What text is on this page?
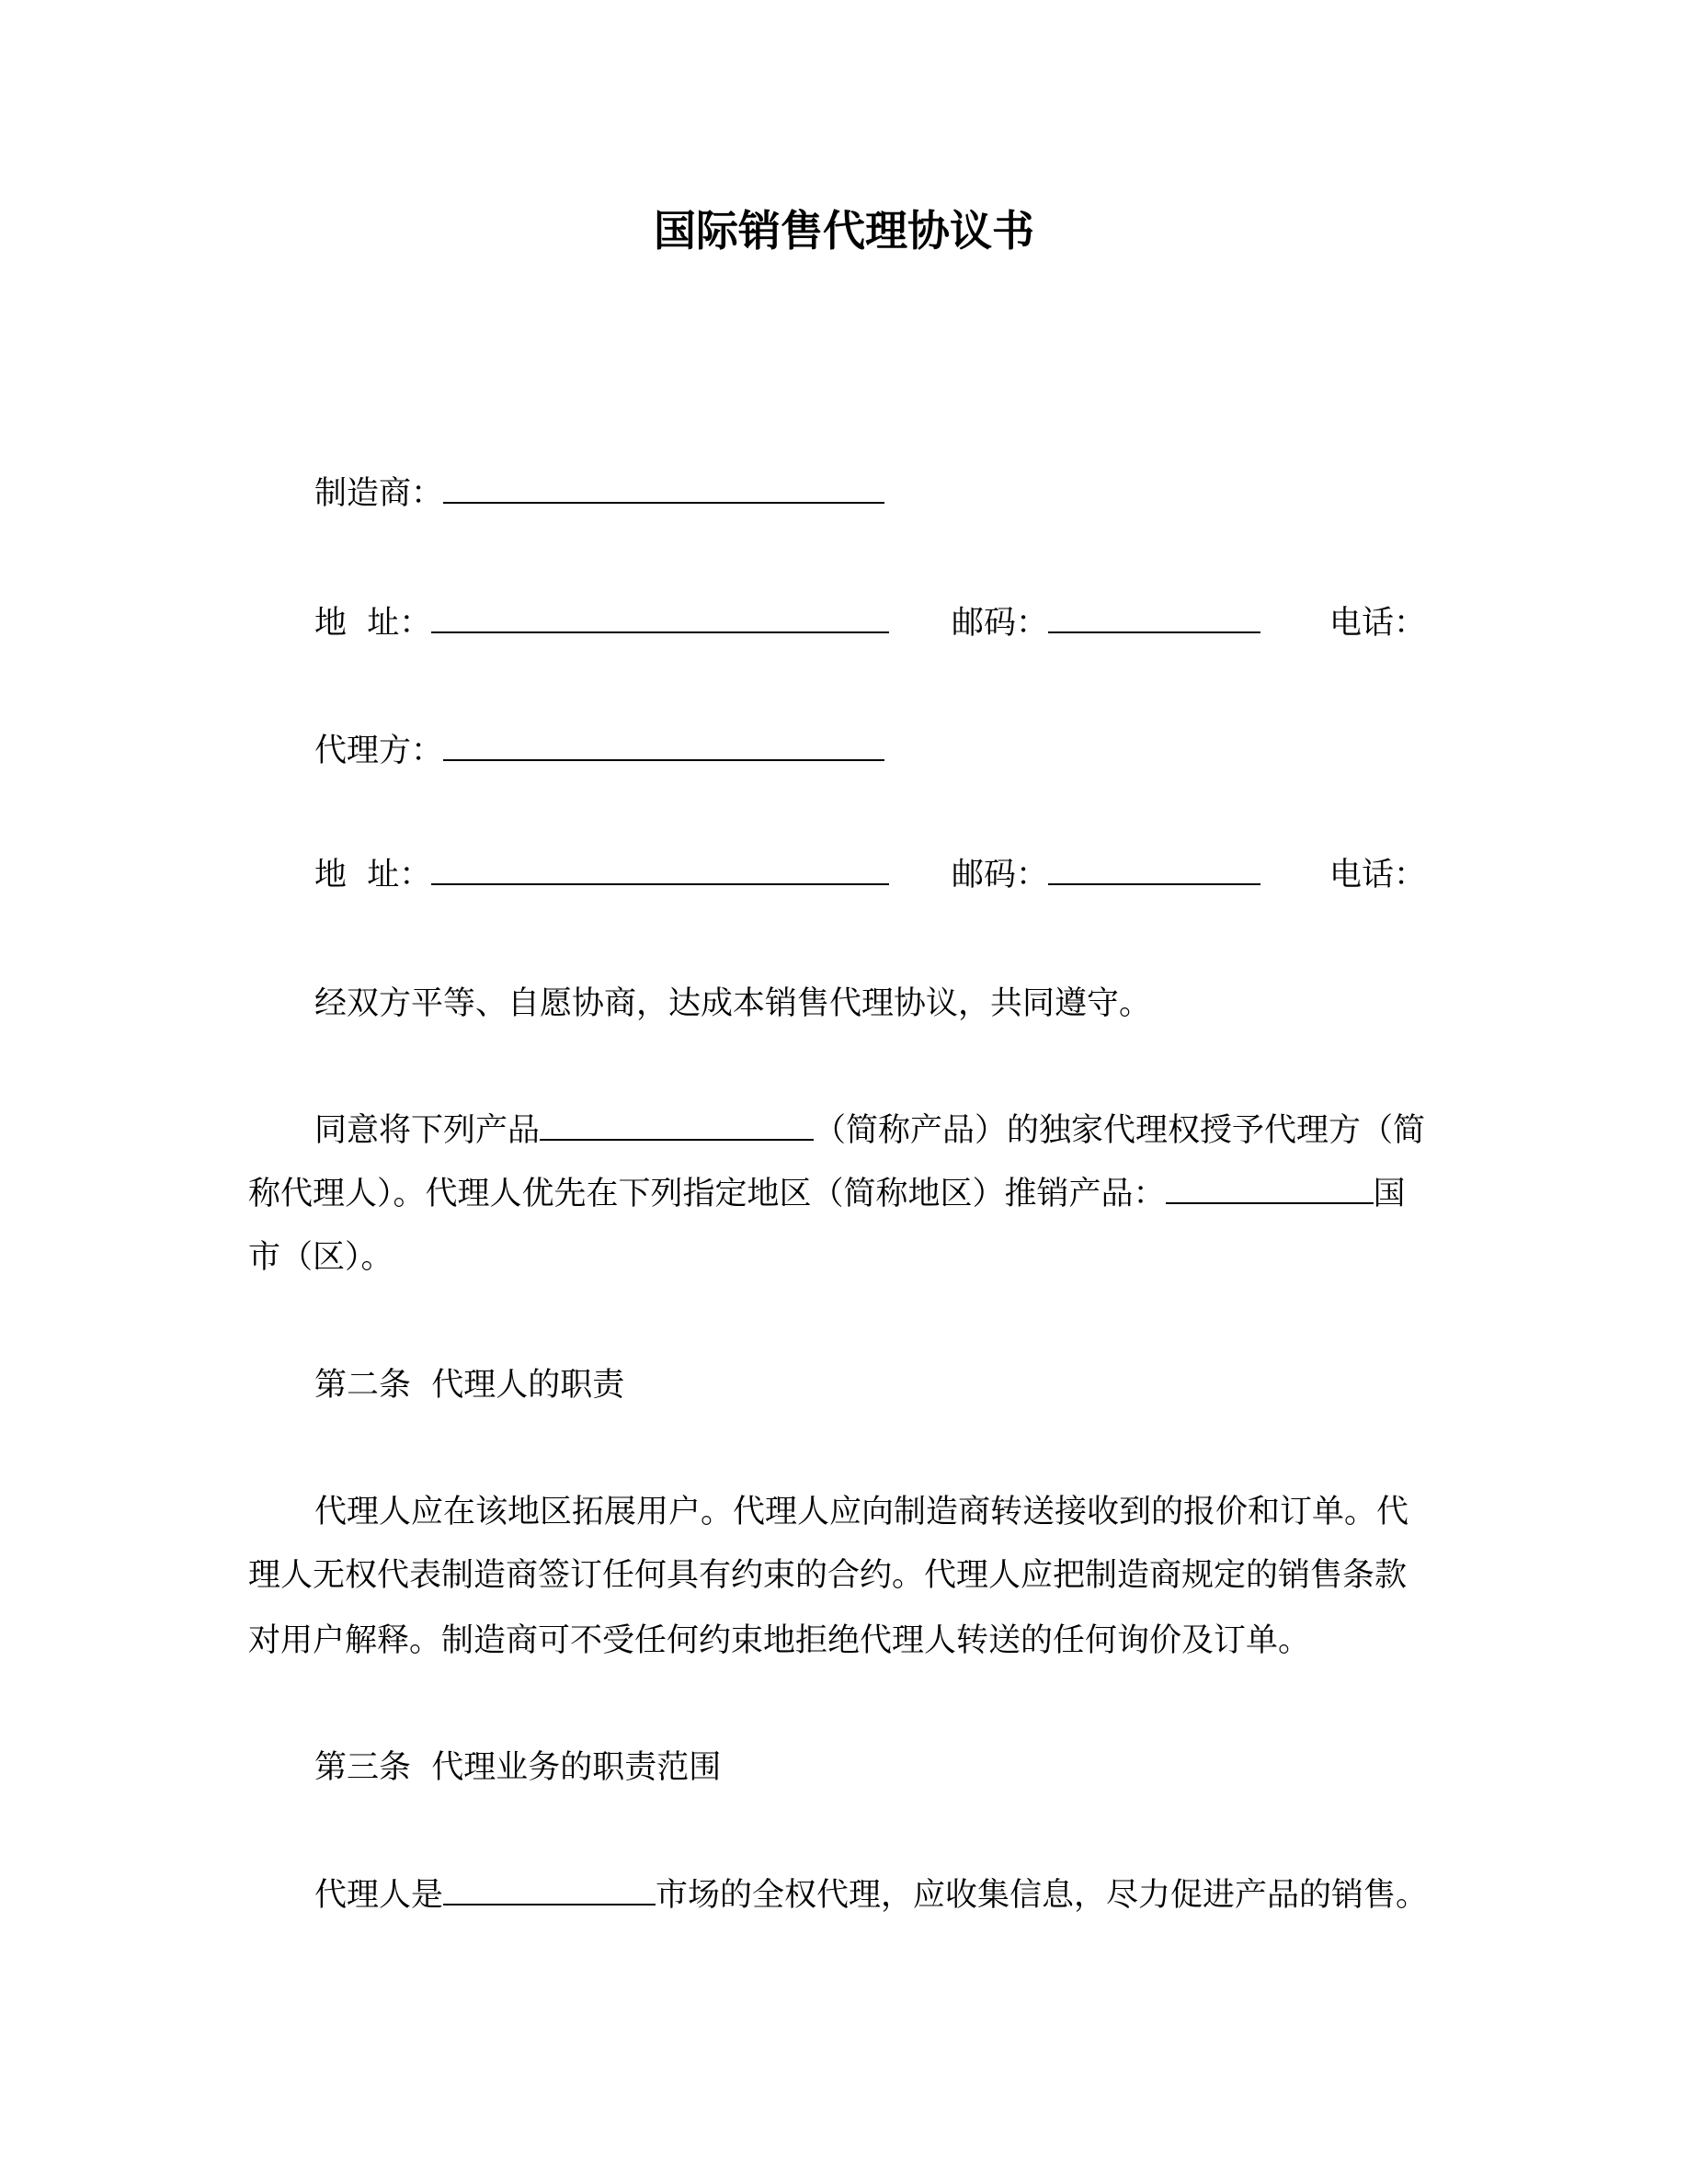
国际销售代理协议书
制造商：
地  址：	邮码：	电话：
代理方：
地  址：	邮码：	电话：
经双方平等、自愿协商，达成本销售代理协议，共同遵守。
同意将下列产品	（简称产品）的独家代理权授予代理方（简
称代理人）。代理人优先在下列指定地区（简称地区）推销产品：	国
市（区）。
第二条  代理人的职责
代理人应在该地区拓展用户。代理人应向制造商转送接收到的报价和订单。代
理人无权代表制造商签订任何具有约束的合约。代理人应把制造商规定的销售条款
对用户解释。制造商可不受任何约束地拒绝代理人转送的任何询价及订单。
第三条  代理业务的职责范围
代理人是	市场的全权代理，应收集信息，尽力促进产品的销售。
